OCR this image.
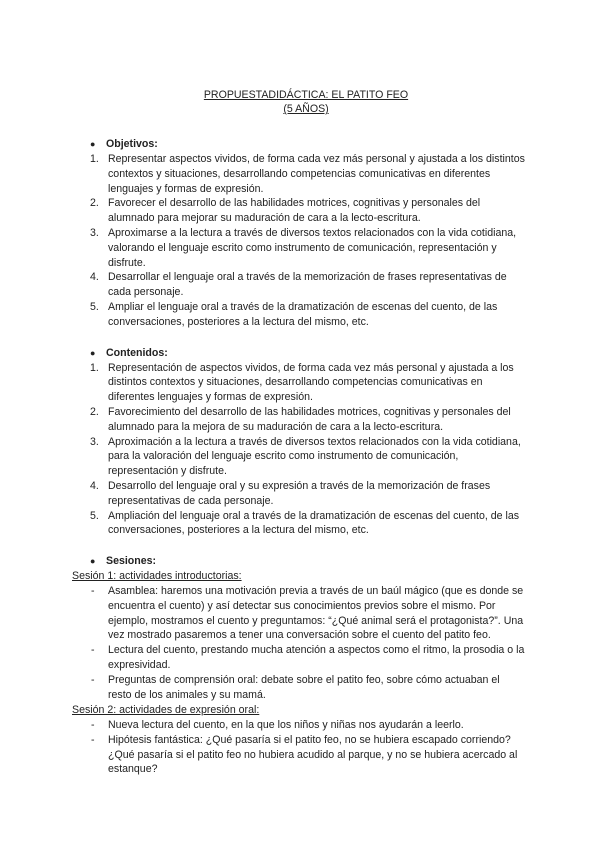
PROPUESTADIDÁCTICA: EL PATITO FEO
(5 AÑOS)
● Objetivos:
1. Representar aspectos vividos, de forma cada vez más personal y ajustada a los distintos contextos y situaciones, desarrollando competencias comunicativas en diferentes lenguajes y formas de expresión.
2. Favorecer el desarrollo de las habilidades motrices, cognitivas y personales del alumnado para mejorar su maduración de cara a la lecto-escritura.
3. Aproximarse a la lectura a través de diversos textos relacionados con la vida cotidiana, valorando el lenguaje escrito como instrumento de comunicación, representación y disfrute.
4. Desarrollar el lenguaje oral a través de la memorización de frases representativas de cada personaje.
5. Ampliar el lenguaje oral a través de la dramatización de escenas del cuento, de las conversaciones, posteriores a la lectura del mismo, etc.
● Contenidos:
1. Representación de aspectos vividos, de forma cada vez más personal y ajustada a los distintos contextos y situaciones, desarrollando competencias comunicativas en diferentes lenguajes y formas de expresión.
2. Favorecimiento del desarrollo de las habilidades motrices, cognitivas y personales del alumnado para la mejora de su maduración de cara a la lecto-escritura.
3. Aproximación a la lectura a través de diversos textos relacionados con la vida cotidiana, para la valoración del lenguaje escrito como instrumento de comunicación, representación y disfrute.
4. Desarrollo del lenguaje oral y su expresión a través de la memorización de frases representativas de cada personaje.
5. Ampliación del lenguaje oral a través de la dramatización de escenas del cuento, de las conversaciones, posteriores a la lectura del mismo, etc.
● Sesiones:
Sesión 1: actividades introductorias:
- Asamblea: haremos una motivación previa a través de un baúl mágico (que es donde se encuentra el cuento) y así detectar sus conocimientos previos sobre el mismo. Por ejemplo, mostramos el cuento y preguntamos: “¿Qué animal será el protagonista?”. Una vez mostrado pasaremos a tener una conversación sobre el cuento del patito feo.
- Lectura del cuento, prestando mucha atención a aspectos como el ritmo, la prosodia o la expresividad.
- Preguntas de comprensión oral: debate sobre el patito feo, sobre cómo actuaban el resto de los animales y su mamá.
Sesión 2: actividades de expresión oral:
- Nueva lectura del cuento, en la que los niños y niñas nos ayudarán a leerlo.
- Hipótesis fantástica: ¿Qué pasaría si el patito feo, no se hubiera escapado corriendo? ¿Qué pasaría si el patito feo no hubiera acudido al parque, y no se hubiera acercado al estanque?
